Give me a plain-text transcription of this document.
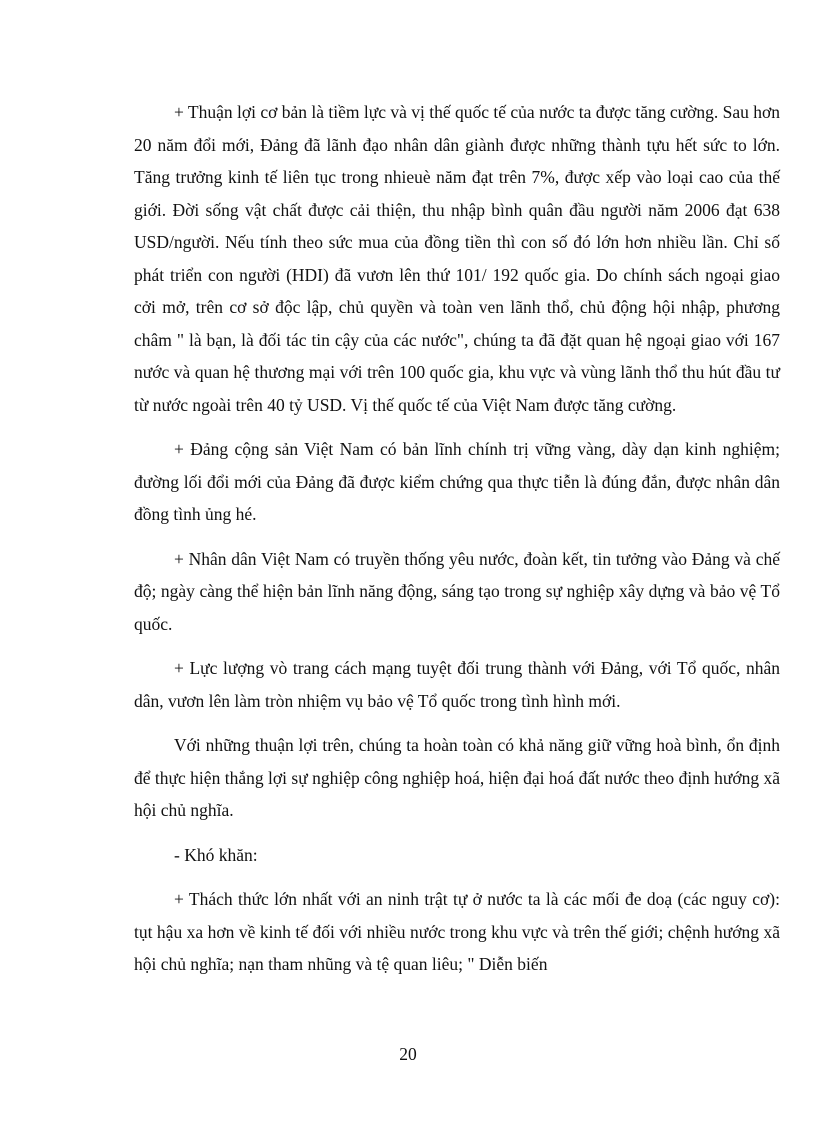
+ Thuận lợi cơ bản là tiềm lực và vị thế quốc tế của nước ta được tăng cường. Sau hơn 20 năm đổi mới, Đảng đã lãnh đạo nhân dân giành được những thành tựu hết sức to lớn. Tăng trưởng kinh tế liên tục trong nhieuè năm đạt trên 7%, được xếp vào loại cao của thế giới. Đời sống vật chất được cải thiện, thu nhập bình quân đầu người năm 2006 đạt 638 USD/người. Nếu tính theo sức mua của đồng tiền thì con số đó lớn hơn nhiều lần. Chỉ số phát triển con người (HDI) đã vươn lên thứ 101/ 192 quốc gia. Do chính sách ngoại giao cởi mở, trên cơ sở độc lập, chủ quyền và toàn ven lãnh thổ, chủ động hội nhập, phương châm " là bạn, là đối tác tin cậy của các nước", chúng ta đã đặt quan hệ ngoại giao với 167 nước và quan hệ thương mại với trên 100 quốc gia, khu vực và vùng lãnh thổ thu hút đầu tư từ nước ngoài trên 40 tỷ USD. Vị thế quốc tế của Việt Nam được tăng cường.

+ Đảng cộng sản Việt Nam có bản lĩnh chính trị vững vàng, dày dạn kinh nghiệm; đường lối đổi mới của Đảng đã được kiểm chứng qua thực tiễn là đúng đắn, được nhân dân đồng tình ủng hé.

+ Nhân dân Việt Nam có truyền thống yêu nước, đoàn kết, tin tưởng vào Đảng và chế độ; ngày càng thể hiện bản lĩnh năng động, sáng tạo trong sự nghiệp xây dựng và bảo vệ Tổ quốc.

+ Lực lượng vò trang cách mạng tuyệt đối trung thành với Đảng, với Tổ quốc, nhân dân, vươn lên làm tròn nhiệm vụ bảo vệ Tổ quốc trong tình hình mới.

Với những thuận lợi trên, chúng ta hoàn toàn có khả năng giữ vững hoà bình, ổn định để thực hiện thắng lợi sự nghiệp công nghiệp hoá, hiện đại hoá đất nước theo định hướng xã hội chủ nghĩa.

- Khó khăn:

+ Thách thức lớn nhất với an ninh trật tự ở nước ta là các mối đe doạ (các nguy cơ): tụt hậu xa hơn về kinh tế đối với nhiều nước trong khu vực và trên thế giới; chệnh hướng xã hội chủ nghĩa; nạn tham nhũng và tệ quan liêu; " Diễn biến

20
